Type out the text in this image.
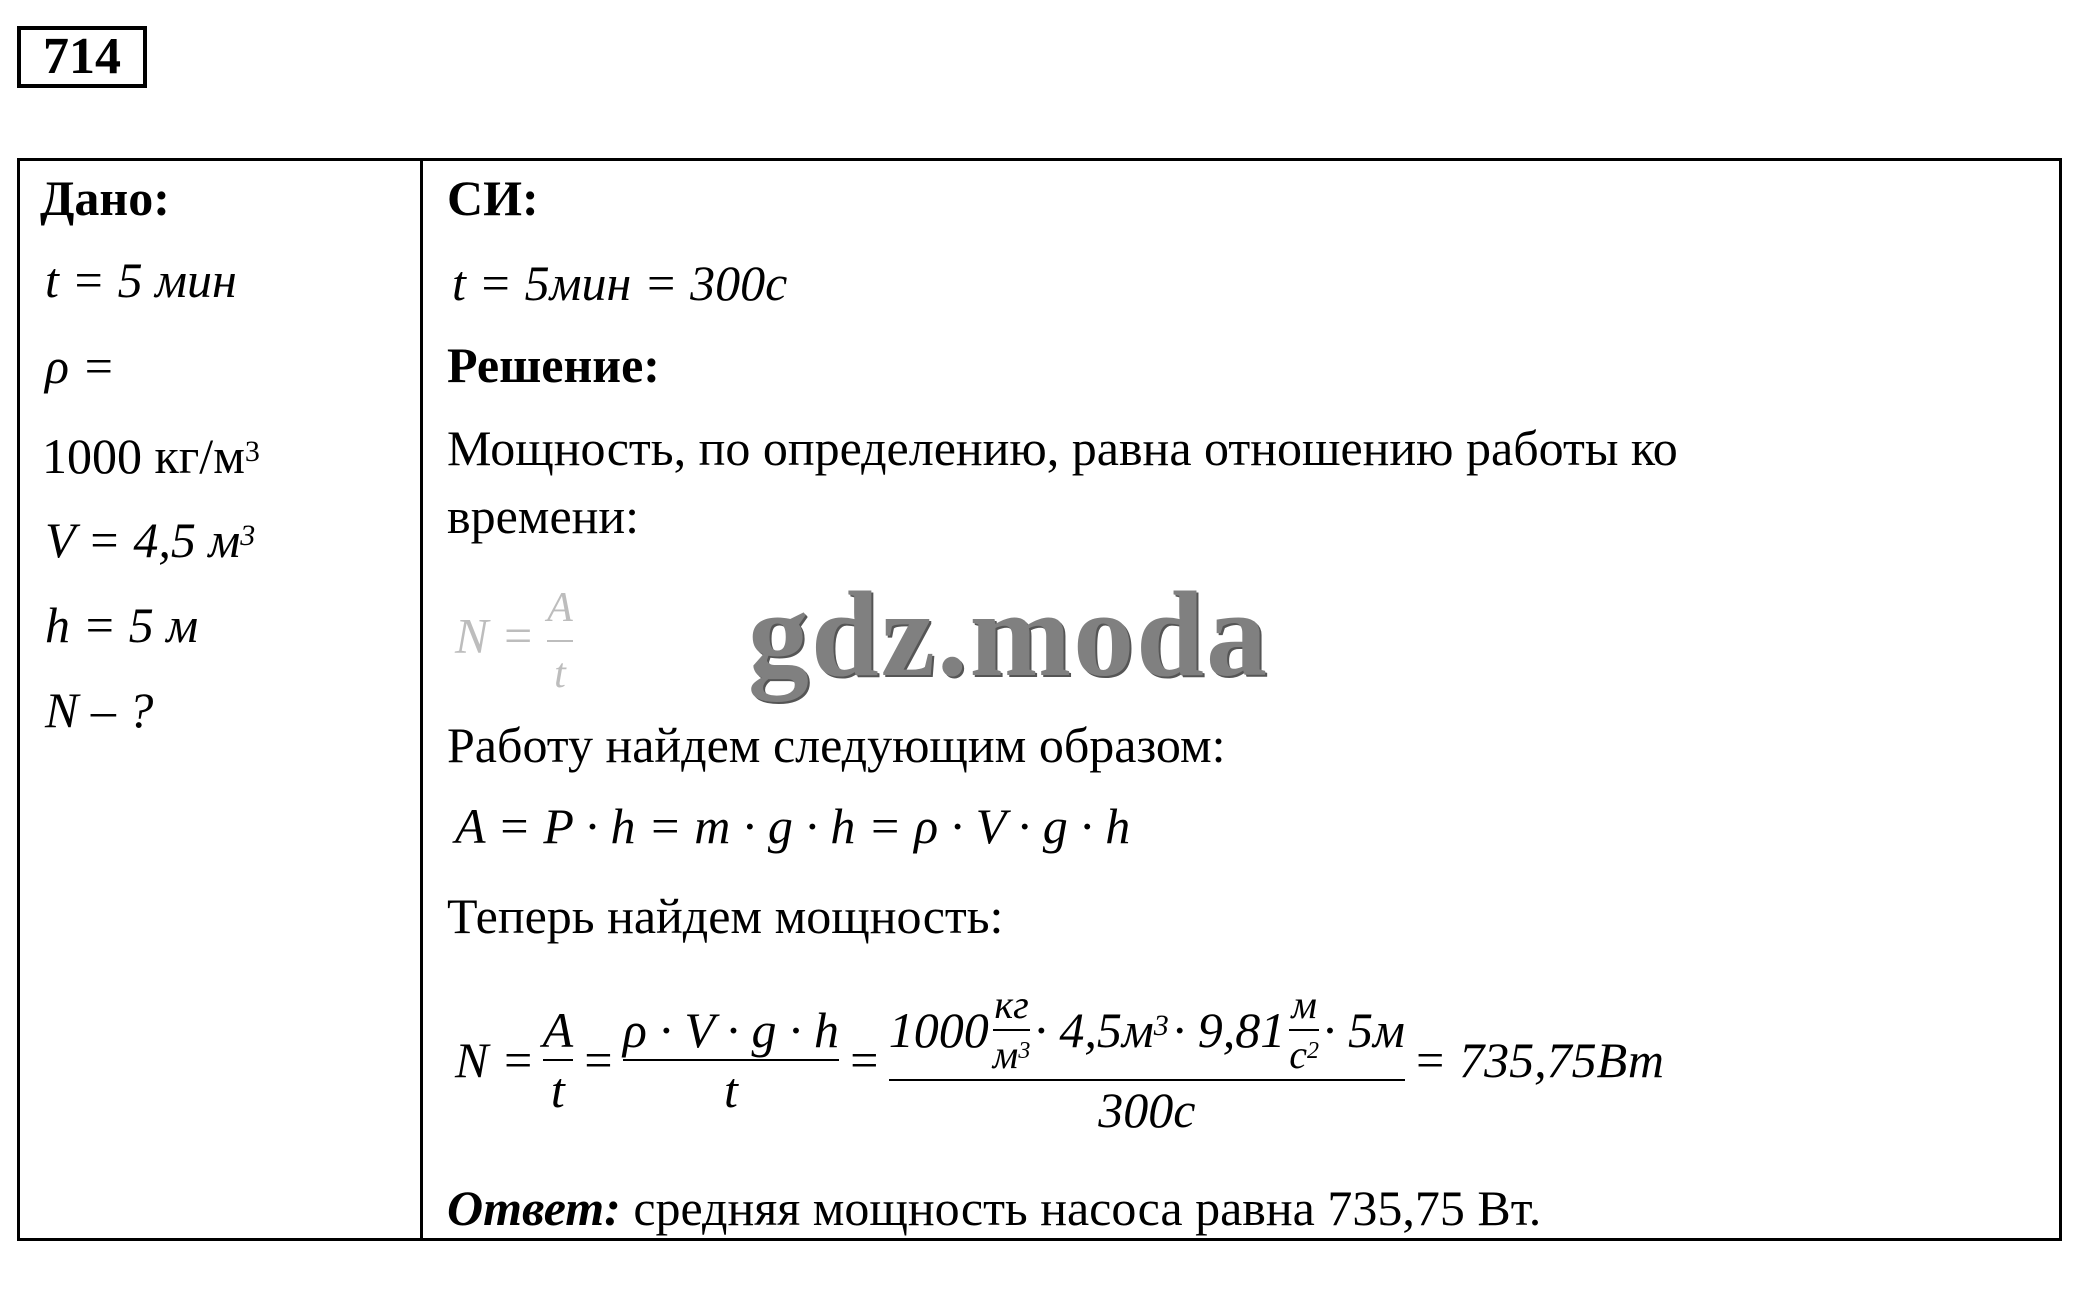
714
Дано:
t = 5 мин
ρ =
1000 $кг/м^3$
V = 4,5 $м^3$
h = 5 м
N – ?
СИ:
t = 5мин = 300с
Решение:
Мощность, по определению, равна отношению работы ко
времени:
$N = \frac{A}{t}$ gdz.moda
Работу найдем следующим образом:
A = P · h = m · g · h = ρ · V · g · h
Теперь найдем мощность:
$N = \frac{A}{t} = \frac{\rho \cdot V \cdot g \cdot h}{t}$ =
$1000 \frac{кг}{м^3} \cdot 4,5м^3 \cdot 9,81 \frac{м}{с^2} \cdot 5м$
300с
= 735,75Вт
Ответ: средняя мощность насоса равна 735,75 Вт.
